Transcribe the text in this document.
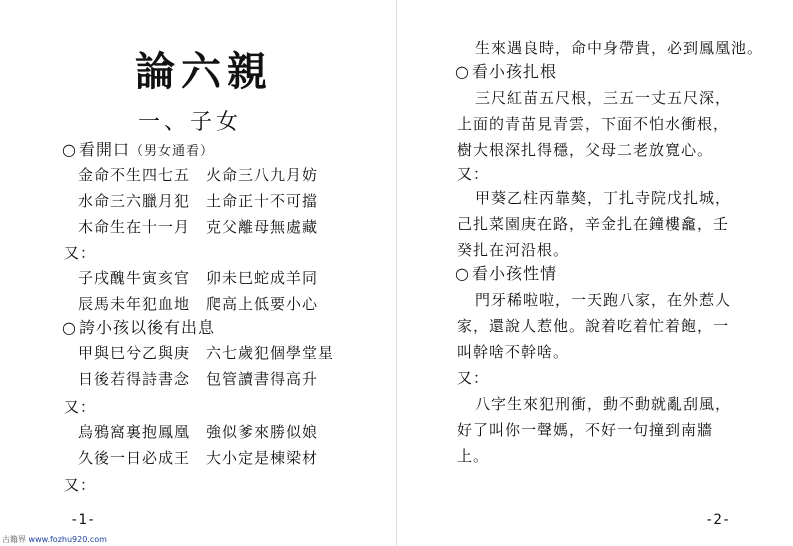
論六親
一、子女
○ 看開口（男女通看）
金命不生四七五　火命三八九月妨
水命三六臘月犯　土命正十不可擋
木命生在十一月　克父離母無處藏
又：
子戌醜牛寅亥官　卯未巳蛇成羊同
辰馬未年犯血地　爬高上低要小心
○ 誇小孩以後有出息
甲與巳兮乙與庚　六七歲犯個學堂星
日後若得詩書念　包管讀書得高升
又：
烏鴉窩裏抱鳳凰　強似爹來勝似娘
久後一日必成王　大小定是棟梁材
又：
-1-
生來遇良時，命中身帶貴，必到鳳凰池。
○ 看小孩扎根
三尺紅苗五尺根，三五一丈五尺深，
上面的青苗見青雲，下面不怕水衝根，
樹大根深扎得穩，父母二老放寬心。
又：
甲葵乙柱丙靠獒，丁扎寺院戊扎城，
己扎菜園庚在路，辛金扎在鐘樓龕，壬
癸扎在河沿根。
○ 看小孩性情
門牙稀啦啦，一天跑八家，在外惹人
家，還說人惹他。說着吃着忙着飽，一
叫幹啥不幹啥。
又：
八字生來犯刑衝，動不動就亂刮風，
好了叫你一聲媽，不好一句撞到南牆
上。
-2-
古籍界 www.fozhu920.com
